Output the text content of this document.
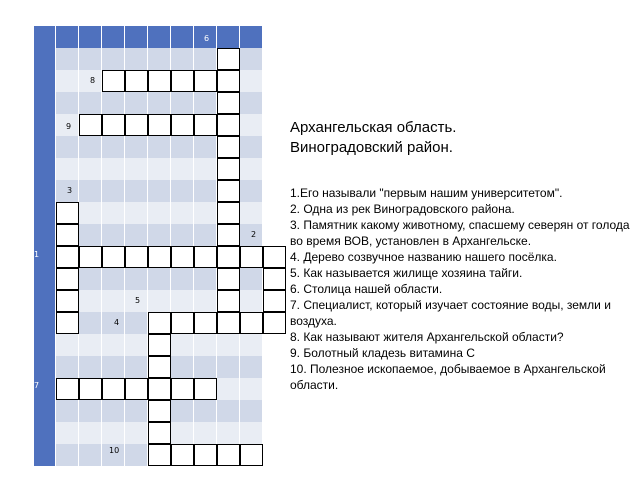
1
2
3
4
5
6
7
8
9
10
Архангельская область.
Виноградовский район.

1.Его называли "первым нашим университетом".

2. Одна из рек Виноградовского района.

3. Памятник какому животному, спасшему северян от голода во время ВОВ, установлен в Архангельске.

4. Дерево созвучное названию нашего посёлка.

5. Как называется жилище хозяина тайги.

6. Столица нашей области.

7. Специалист, который изучает состояние воды, земли и воздуха.

8. Как называют жителя Архангельской области?

9. Болотный кладезь витамина С

10. Полезное ископаемое, добываемое в Архангельской области.
